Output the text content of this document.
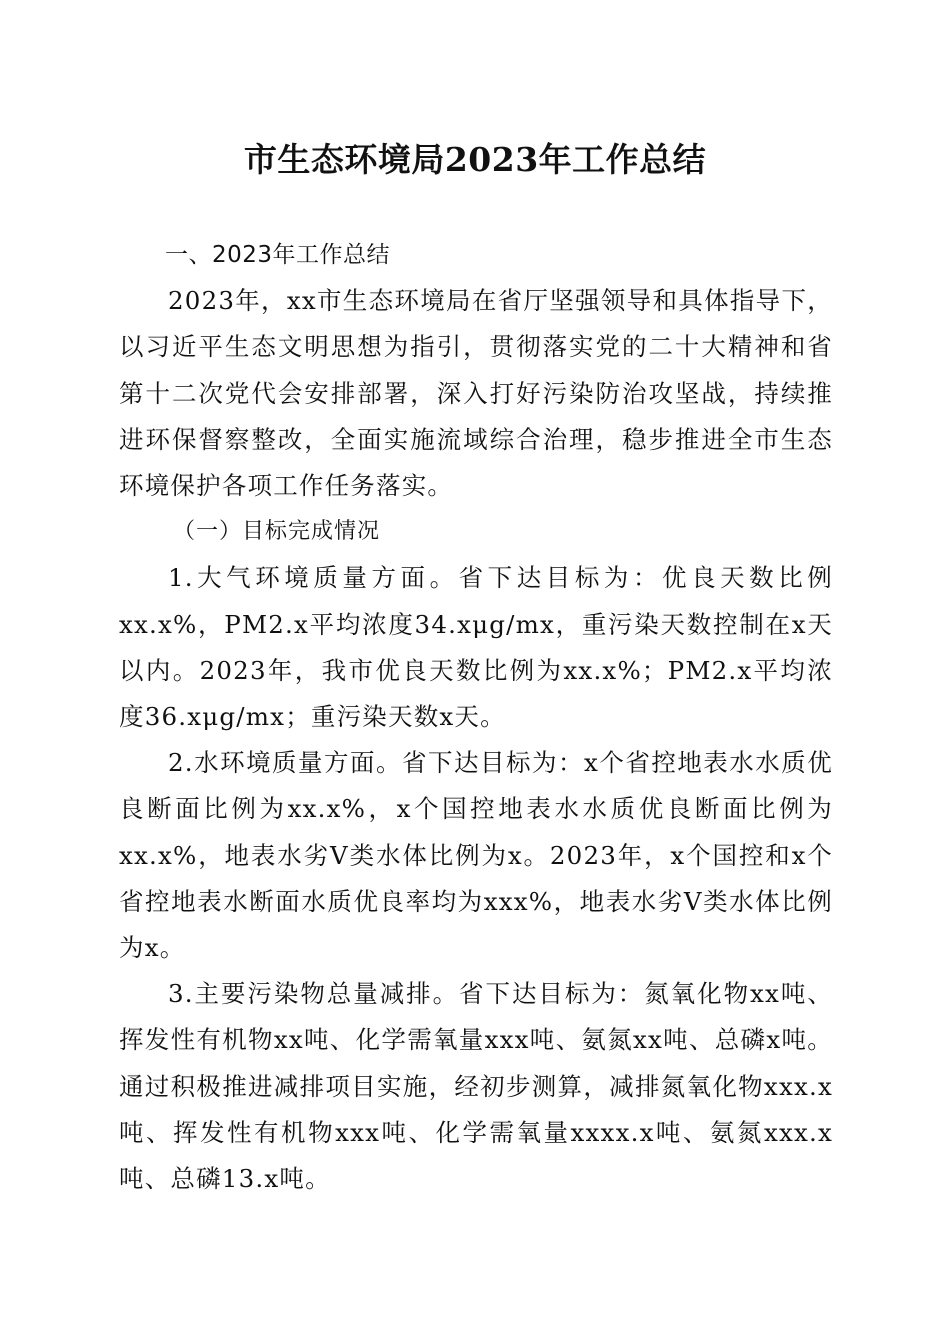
市生态环境局2023年工作总结

一、2023年工作总结

2023年，xx市生态环境局在省厅坚强领导和具体指导下，以习近平生态文明思想为指引，贯彻落实党的二十大精神和省第十二次党代会安排部署，深入打好污染防治攻坚战，持续推进环保督察整改，全面实施流域综合治理，稳步推进全市生态环境保护各项工作任务落实。

（一）目标完成情况

1.大气环境质量方面。省下达目标为：优良天数比例xx.x%，PM2.x平均浓度34.xμg/mx，重污染天数控制在x天以内。2023年，我市优良天数比例为xx.x%；PM2.x平均浓度36.xμg/mx；重污染天数x天。

2.水环境质量方面。省下达目标为：x个省控地表水水质优良断面比例为xx.x%，x个国控地表水水质优良断面比例为xx.x%，地表水劣Ⅴ类水体比例为x。2023年，x个国控和x个省控地表水断面水质优良率均为xxx%，地表水劣Ⅴ类水体比例为x。

3.主要污染物总量减排。省下达目标为：氮氧化物xx吨、挥发性有机物xx吨、化学需氧量xxx吨、氨氮xx吨、总磷x吨。通过积极推进减排项目实施，经初步测算，减排氮氧化物xxx.x吨、挥发性有机物xxx吨、化学需氧量xxxx.x吨、氨氮xxx.x吨、总磷13.x吨。
